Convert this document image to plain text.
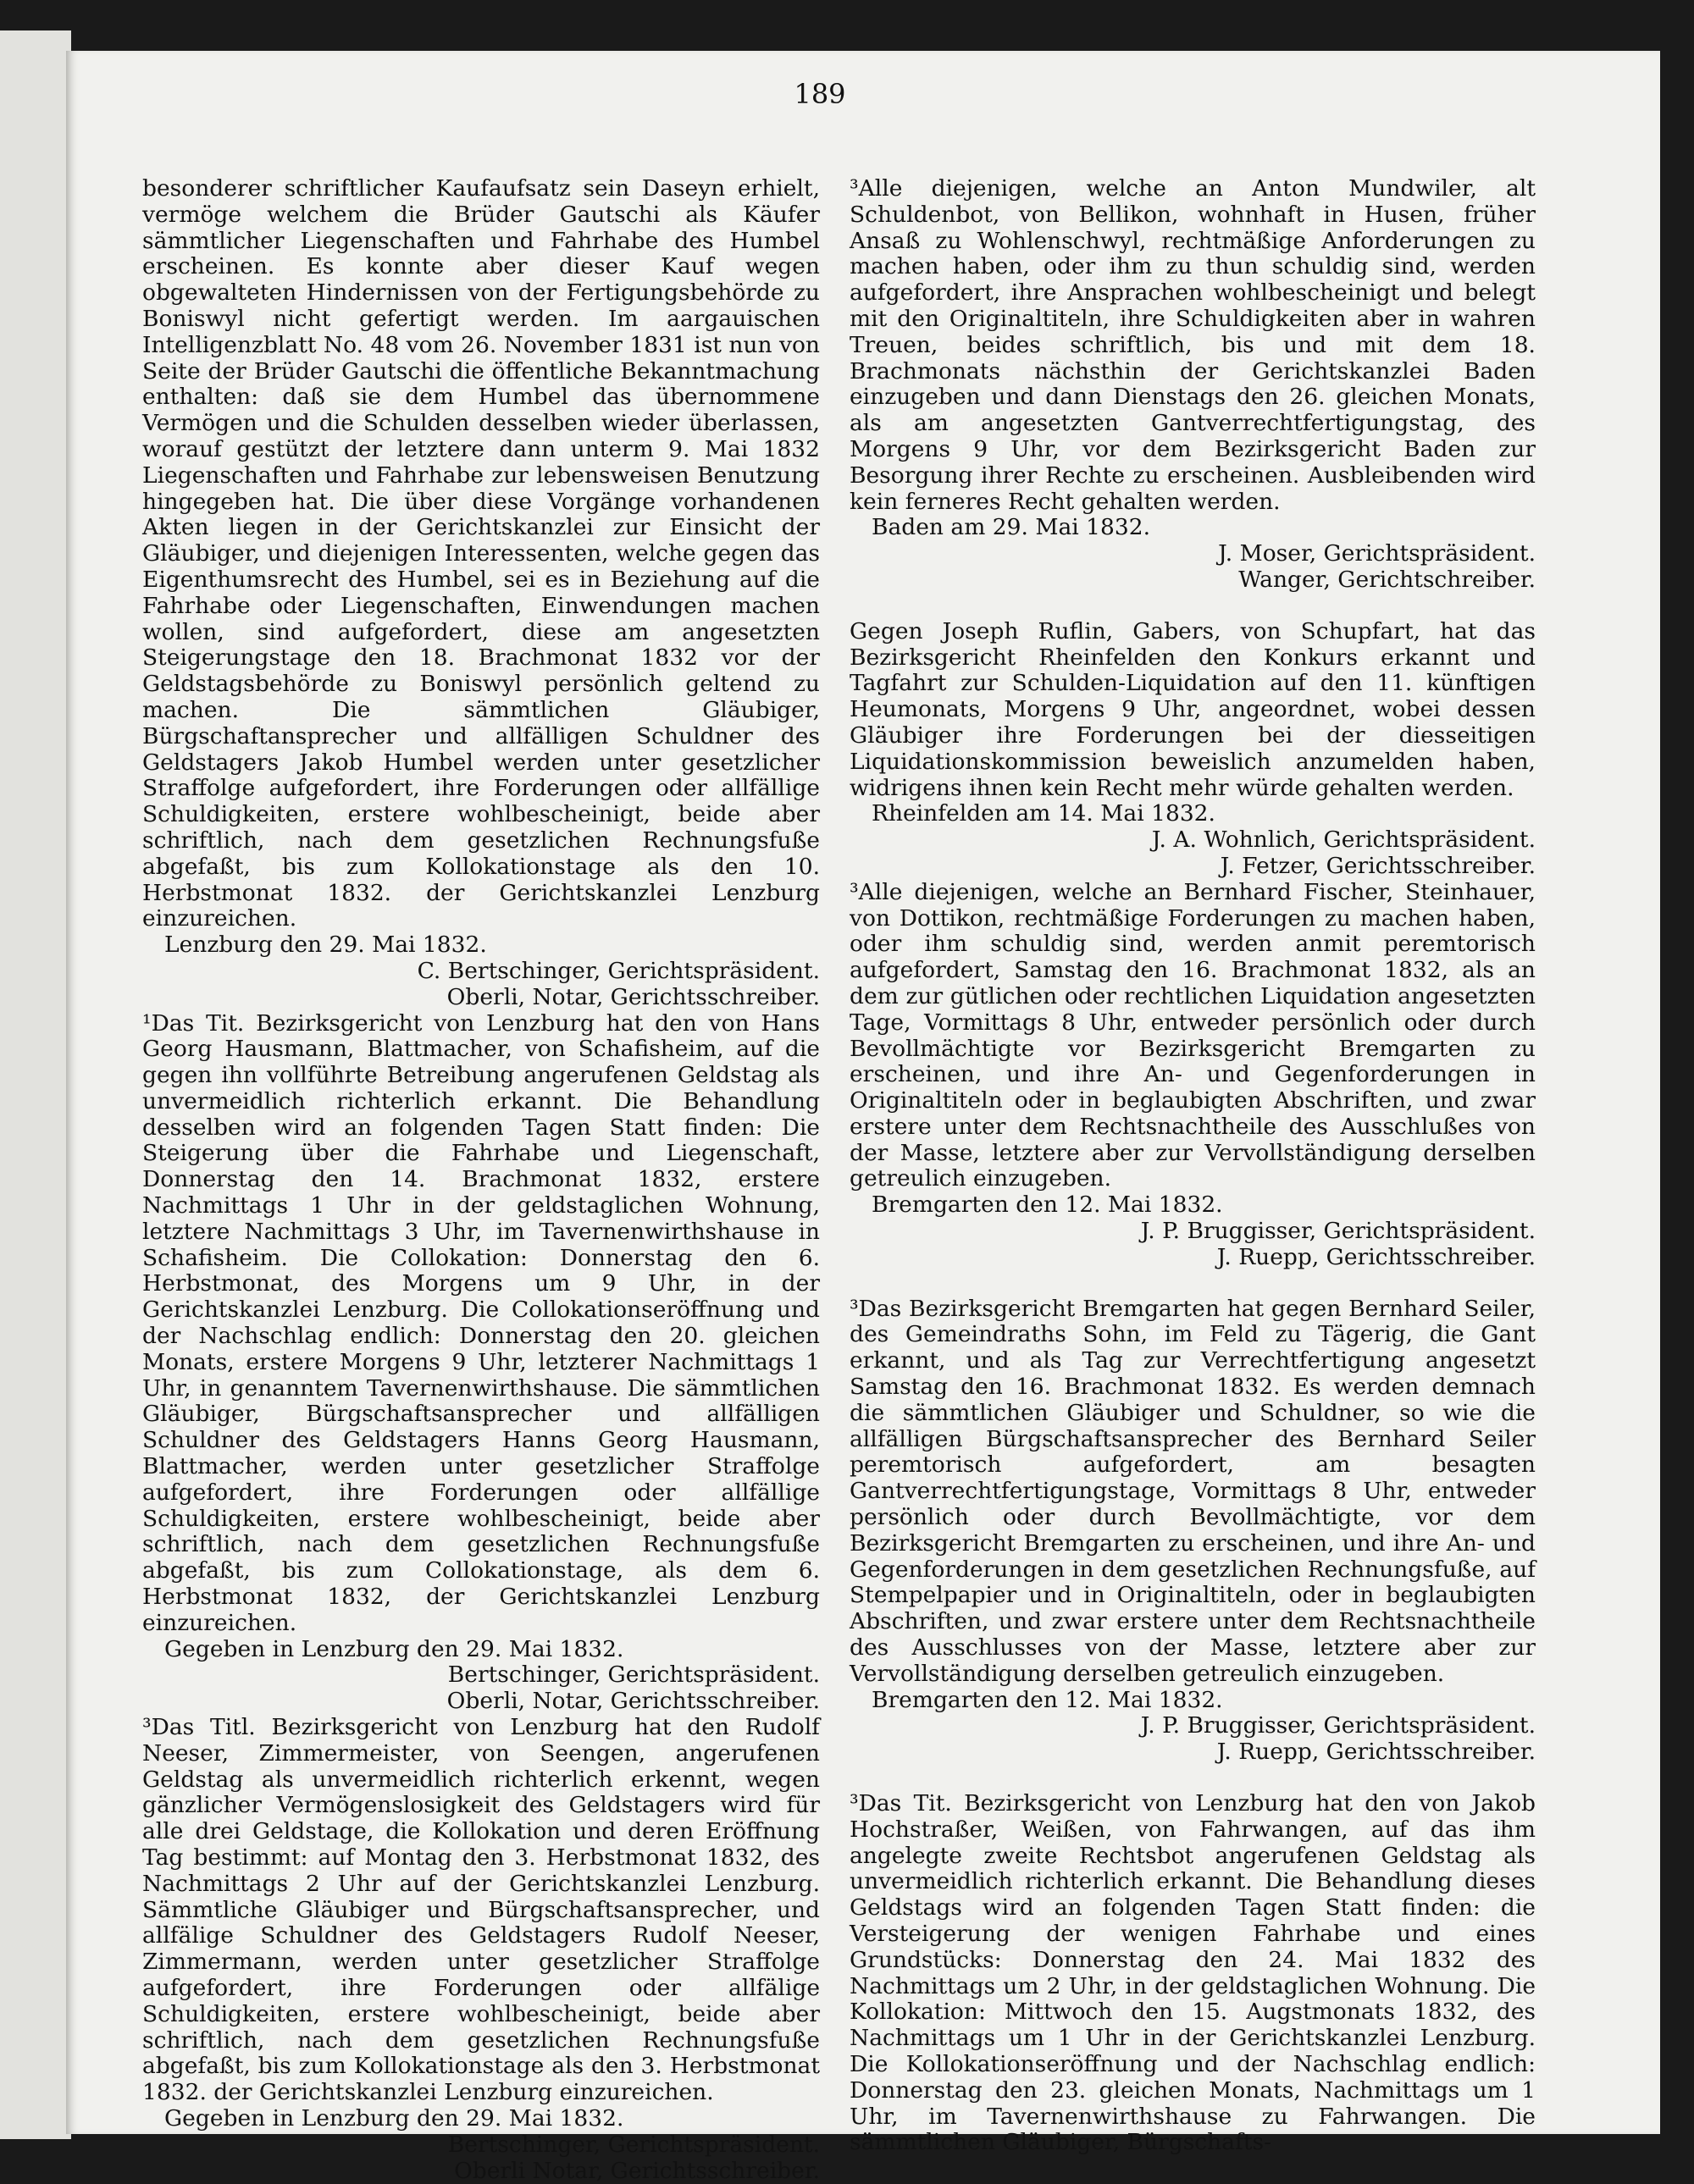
189

besonderer schriftlicher Kaufaufsatz sein Daseyn erhielt, vermöge welchem die Brüder Gautschi als Käufer sämmtlicher Liegenschaften und Fahrhabe des Humbel erscheinen. Es konnte aber dieser Kauf wegen obgewalteten Hindernissen von der Fertigungsbehörde zu Boniswyl nicht gefertigt werden. Im aargauischen Intelligenzblatt No. 48 vom 26. November 1831 ist nun von Seite der Brüder Gautschi die öffentliche Bekanntmachung enthalten: daß sie dem Humbel das übernommene Vermögen und die Schulden desselben wieder überlassen, worauf gestützt der letztere dann unterm 9. Mai 1832 Liegenschaften und Fahrhabe zur lebensweisen Benutzung hingegeben hat. Die über diese Vorgänge vorhandenen Akten liegen in der Gerichtskanzlei zur Einsicht der Gläubiger, und diejenigen Interessenten, welche gegen das Eigenthumsrecht des Humbel, sei es in Beziehung auf die Fahrhabe oder Liegenschaften, Einwendungen machen wollen, sind aufgefordert, diese am angesetzten Steigerungstage den 18. Brachmonat 1832 vor der Geldstagsbehörde zu Boniswyl persönlich geltend zu machen. Die sämmtlichen Gläubiger, Bürgschaftansprecher und allfälligen Schuldner des Geldstagers Jakob Humbel werden unter gesetzlicher Straffolge aufgefordert, ihre Forderungen oder allfällige Schuldigkeiten, erstere wohlbescheinigt, beide aber schriftlich, nach dem gesetzlichen Rechnungsfuße abgefaßt, bis zum Kollokationstage als den 10. Herbstmonat 1832. der Gerichtskanzlei Lenzburg einzureichen.

Lenzburg den 29. Mai 1832.

C. Bertschinger, Gerichtspräsident.

Oberli, Notar, Gerichtsschreiber.

¹Das Tit. Bezirksgericht von Lenzburg hat den von Hans Georg Hausmann, Blattmacher, von Schafisheim, auf die gegen ihn vollführte Betreibung angerufenen Geldstag als unvermeidlich richterlich erkannt. Die Behandlung desselben wird an folgenden Tagen Statt finden: Die Steigerung über die Fahrhabe und Liegenschaft, Donnerstag den 14. Brachmonat 1832, erstere Nachmittags 1 Uhr in der geldstaglichen Wohnung, letztere Nachmittags 3 Uhr, im Tavernenwirthshause in Schafisheim. Die Collokation: Donnerstag den 6. Herbstmonat, des Morgens um 9 Uhr, in der Gerichtskanzlei Lenzburg. Die Collokationseröffnung und der Nachschlag endlich: Donnerstag den 20. gleichen Monats, erstere Morgens 9 Uhr, letzterer Nachmittags 1 Uhr, in genanntem Tavernenwirthshause. Die sämmtlichen Gläubiger, Bürgschaftsansprecher und allfälligen Schuldner des Geldstagers Hanns Georg Hausmann, Blattmacher, werden unter gesetzlicher Straffolge aufgefordert, ihre Forderungen oder allfällige Schuldigkeiten, erstere wohlbescheinigt, beide aber schriftlich, nach dem gesetzlichen Rechnungsfuße abgefaßt, bis zum Collokationstage, als dem 6. Herbstmonat 1832, der Gerichtskanzlei Lenzburg einzureichen.

Gegeben in Lenzburg den 29. Mai 1832.

Bertschinger, Gerichtspräsident.

Oberli, Notar, Gerichtsschreiber.

³Das Titl. Bezirksgericht von Lenzburg hat den Rudolf Neeser, Zimmermeister, von Seengen, angerufenen Geldstag als unvermeidlich richterlich erkennt, wegen gänzlicher Vermögenslosigkeit des Geldstagers wird für alle drei Geldstage, die Kollokation und deren Eröffnung Tag bestimmt: auf Montag den 3. Herbstmonat 1832, des Nachmittags 2 Uhr auf der Gerichtskanzlei Lenzburg. Sämmtliche Gläubiger und Bürgschaftsansprecher, und allfälige Schuldner des Geldstagers Rudolf Neeser, Zimmermann, werden unter gesetzlicher Straffolge aufgefordert, ihre Forderungen oder allfälige Schuldigkeiten, erstere wohlbescheinigt, beide aber schriftlich, nach dem gesetzlichen Rechnungsfuße abgefaßt, bis zum Kollokationstage als den 3. Herbstmonat 1832. der Gerichtskanzlei Lenzburg einzureichen.

Gegeben in Lenzburg den 29. Mai 1832.

Bertschinger, Gerichtspräsident.

Oberli Notar, Gerichtsschreiber.

³Alle diejenigen, welche an Anton Mundwiler, alt Schuldenbot, von Bellikon, wohnhaft in Husen, früher Ansaß zu Wohlenschwyl, rechtmäßige Anforderungen zu machen haben, oder ihm zu thun schuldig sind, werden aufgefordert, ihre Ansprachen wohlbescheinigt und belegt mit den Originaltiteln, ihre Schuldigkeiten aber in wahren Treuen, beides schriftlich, bis und mit dem 18. Brachmonats nächsthin der Gerichtskanzlei Baden einzugeben und dann Dienstags den 26. gleichen Monats, als am angesetzten Gantverrechtfertigungstag, des Morgens 9 Uhr, vor dem Bezirksgericht Baden zur Besorgung ihrer Rechte zu erscheinen. Ausbleibenden wird kein ferneres Recht gehalten werden.

Baden am 29. Mai 1832.

J. Moser, Gerichtspräsident.

Wanger, Gerichtschreiber.

Gegen Joseph Ruflin, Gabers, von Schupfart, hat das Bezirksgericht Rheinfelden den Konkurs erkannt und Tagfahrt zur Schulden-Liquidation auf den 11. künftigen Heumonats, Morgens 9 Uhr, angeordnet, wobei dessen Gläubiger ihre Forderungen bei der diesseitigen Liquidationskommission beweislich anzumelden haben, widrigens ihnen kein Recht mehr würde gehalten werden.

Rheinfelden am 14. Mai 1832.

J. A. Wohnlich, Gerichtspräsident.

J. Fetzer, Gerichtsschreiber.

³Alle diejenigen, welche an Bernhard Fischer, Steinhauer, von Dottikon, rechtmäßige Forderungen zu machen haben, oder ihm schuldig sind, werden anmit peremtorisch aufgefordert, Samstag den 16. Brachmonat 1832, als an dem zur gütlichen oder rechtlichen Liquidation angesetzten Tage, Vormittags 8 Uhr, entweder persönlich oder durch Bevollmächtigte vor Bezirksgericht Bremgarten zu erscheinen, und ihre An- und Gegenforderungen in Originaltiteln oder in beglaubigten Abschriften, und zwar erstere unter dem Rechtsnachtheile des Ausschlußes von der Masse, letztere aber zur Vervollständigung derselben getreulich einzugeben.

Bremgarten den 12. Mai 1832.

J. P. Bruggisser, Gerichtspräsident.

J. Ruepp, Gerichtsschreiber.

³Das Bezirksgericht Bremgarten hat gegen Bernhard Seiler, des Gemeindraths Sohn, im Feld zu Tägerig, die Gant erkannt, und als Tag zur Verrechtfertigung angesetzt Samstag den 16. Brachmonat 1832. Es werden demnach die sämmtlichen Gläubiger und Schuldner, so wie die allfälligen Bürgschaftsansprecher des Bernhard Seiler peremtorisch aufgefordert, am besagten Gantverrechtfertigungstage, Vormittags 8 Uhr, entweder persönlich oder durch Bevollmächtigte, vor dem Bezirksgericht Bremgarten zu erscheinen, und ihre An- und Gegenforderungen in dem gesetzlichen Rechnungsfuße, auf Stempelpapier und in Originaltiteln, oder in beglaubigten Abschriften, und zwar erstere unter dem Rechtsnachtheile des Ausschlusses von der Masse, letztere aber zur Vervollständigung derselben getreulich einzugeben.

Bremgarten den 12. Mai 1832.

J. P. Bruggisser, Gerichtspräsident.

J. Ruepp, Gerichtsschreiber.

³Das Tit. Bezirksgericht von Lenzburg hat den von Jakob Hochstraßer, Weißen, von Fahrwangen, auf das ihm angelegte zweite Rechtsbot angerufenen Geldstag als unvermeidlich richterlich erkannt. Die Behandlung dieses Geldstags wird an folgenden Tagen Statt finden: die Versteigerung der wenigen Fahrhabe und eines Grundstücks: Donnerstag den 24. Mai 1832 des Nachmittags um 2 Uhr, in der geldstaglichen Wohnung. Die Kollokation: Mittwoch den 15. Augstmonats 1832, des Nachmittags um 1 Uhr in der Gerichtskanzlei Lenzburg. Die Kollokationseröffnung und der Nachschlag endlich: Donnerstag den 23. gleichen Monats, Nachmittags um 1 Uhr, im Tavernenwirthshause zu Fahrwangen. Die sämmtlichen Gläubiger, Bürgschafts-
